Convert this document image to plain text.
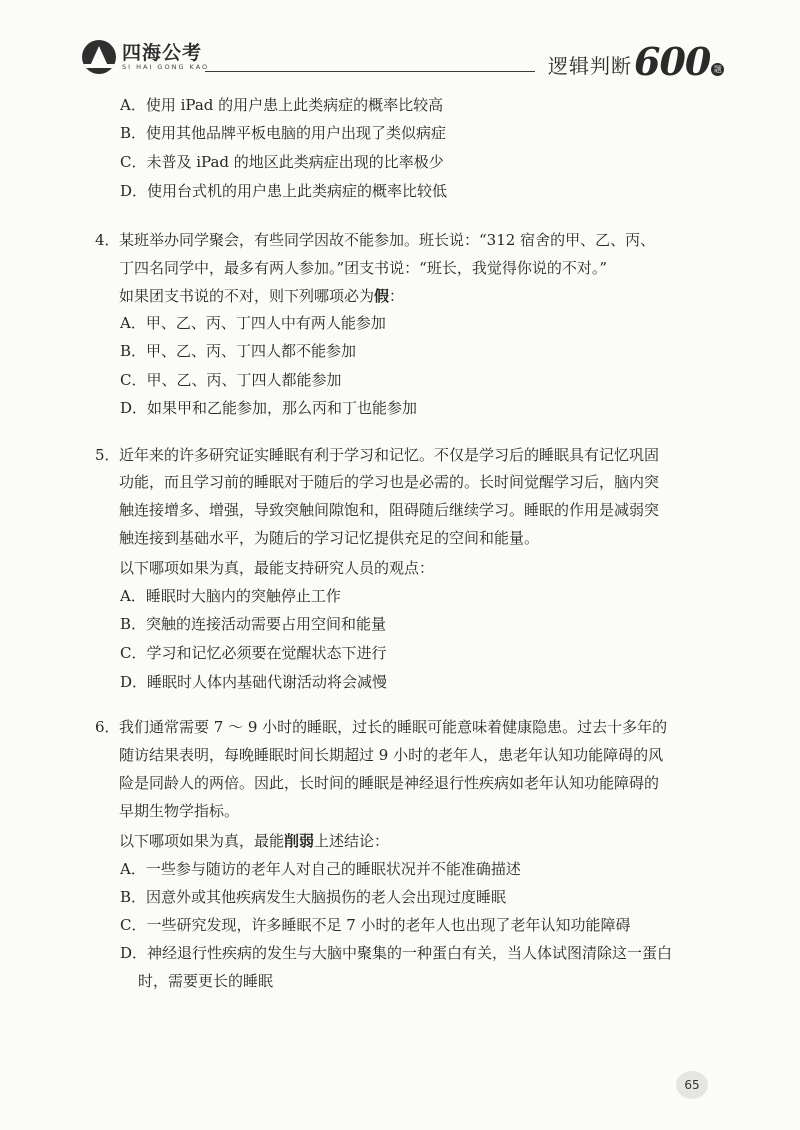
四海公考
SI HAI GONG KAO	逻辑判断 600 题
A．使用 iPad 的用户患上此类病症的概率比较高
B．使用其他品牌平板电脑的用户出现了类似病症
C．未普及 iPad 的地区此类病症出现的比率极少
D．使用台式机的用户患上此类病症的概率比较低
4．某班举办同学聚会，有些同学因故不能参加。班长说：“312 宿舍的甲、乙、丙、
丁四名同学中，最多有两人参加。”团支书说：“班长，我觉得你说的不对。”
如果团支书说的不对，则下列哪项必为假：
A．甲、乙、丙、丁四人中有两人能参加
B．甲、乙、丙、丁四人都不能参加
C．甲、乙、丙、丁四人都能参加
D．如果甲和乙能参加，那么丙和丁也能参加
5．近年来的许多研究证实睡眠有利于学习和记忆。不仅是学习后的睡眠具有记忆巩固
功能，而且学习前的睡眠对于随后的学习也是必需的。长时间觉醒学习后，脑内突
触连接增多、增强，导致突触间隙饱和，阻碍随后继续学习。睡眠的作用是减弱突
触连接到基础水平，为随后的学习记忆提供充足的空间和能量。
以下哪项如果为真，最能支持研究人员的观点：
A．睡眠时大脑内的突触停止工作
B．突触的连接活动需要占用空间和能量
C．学习和记忆必须要在觉醒状态下进行
D．睡眠时人体内基础代谢活动将会减慢
6．我们通常需要 7 ～ 9 小时的睡眠，过长的睡眠可能意味着健康隐患。过去十多年的
随访结果表明，每晚睡眠时间长期超过 9 小时的老年人，患老年认知功能障碍的风
险是同龄人的两倍。因此，长时间的睡眠是神经退行性疾病如老年认知功能障碍的
早期生物学指标。
以下哪项如果为真，最能削弱上述结论：
A．一些参与随访的老年人对自己的睡眠状况并不能准确描述
B．因意外或其他疾病发生大脑损伤的老人会出现过度睡眠
C．一些研究发现，许多睡眠不足 7 小时的老年人也出现了老年认知功能障碍
D．神经退行性疾病的发生与大脑中聚集的一种蛋白有关，当人体试图清除这一蛋白
时，需要更长的睡眠
65
